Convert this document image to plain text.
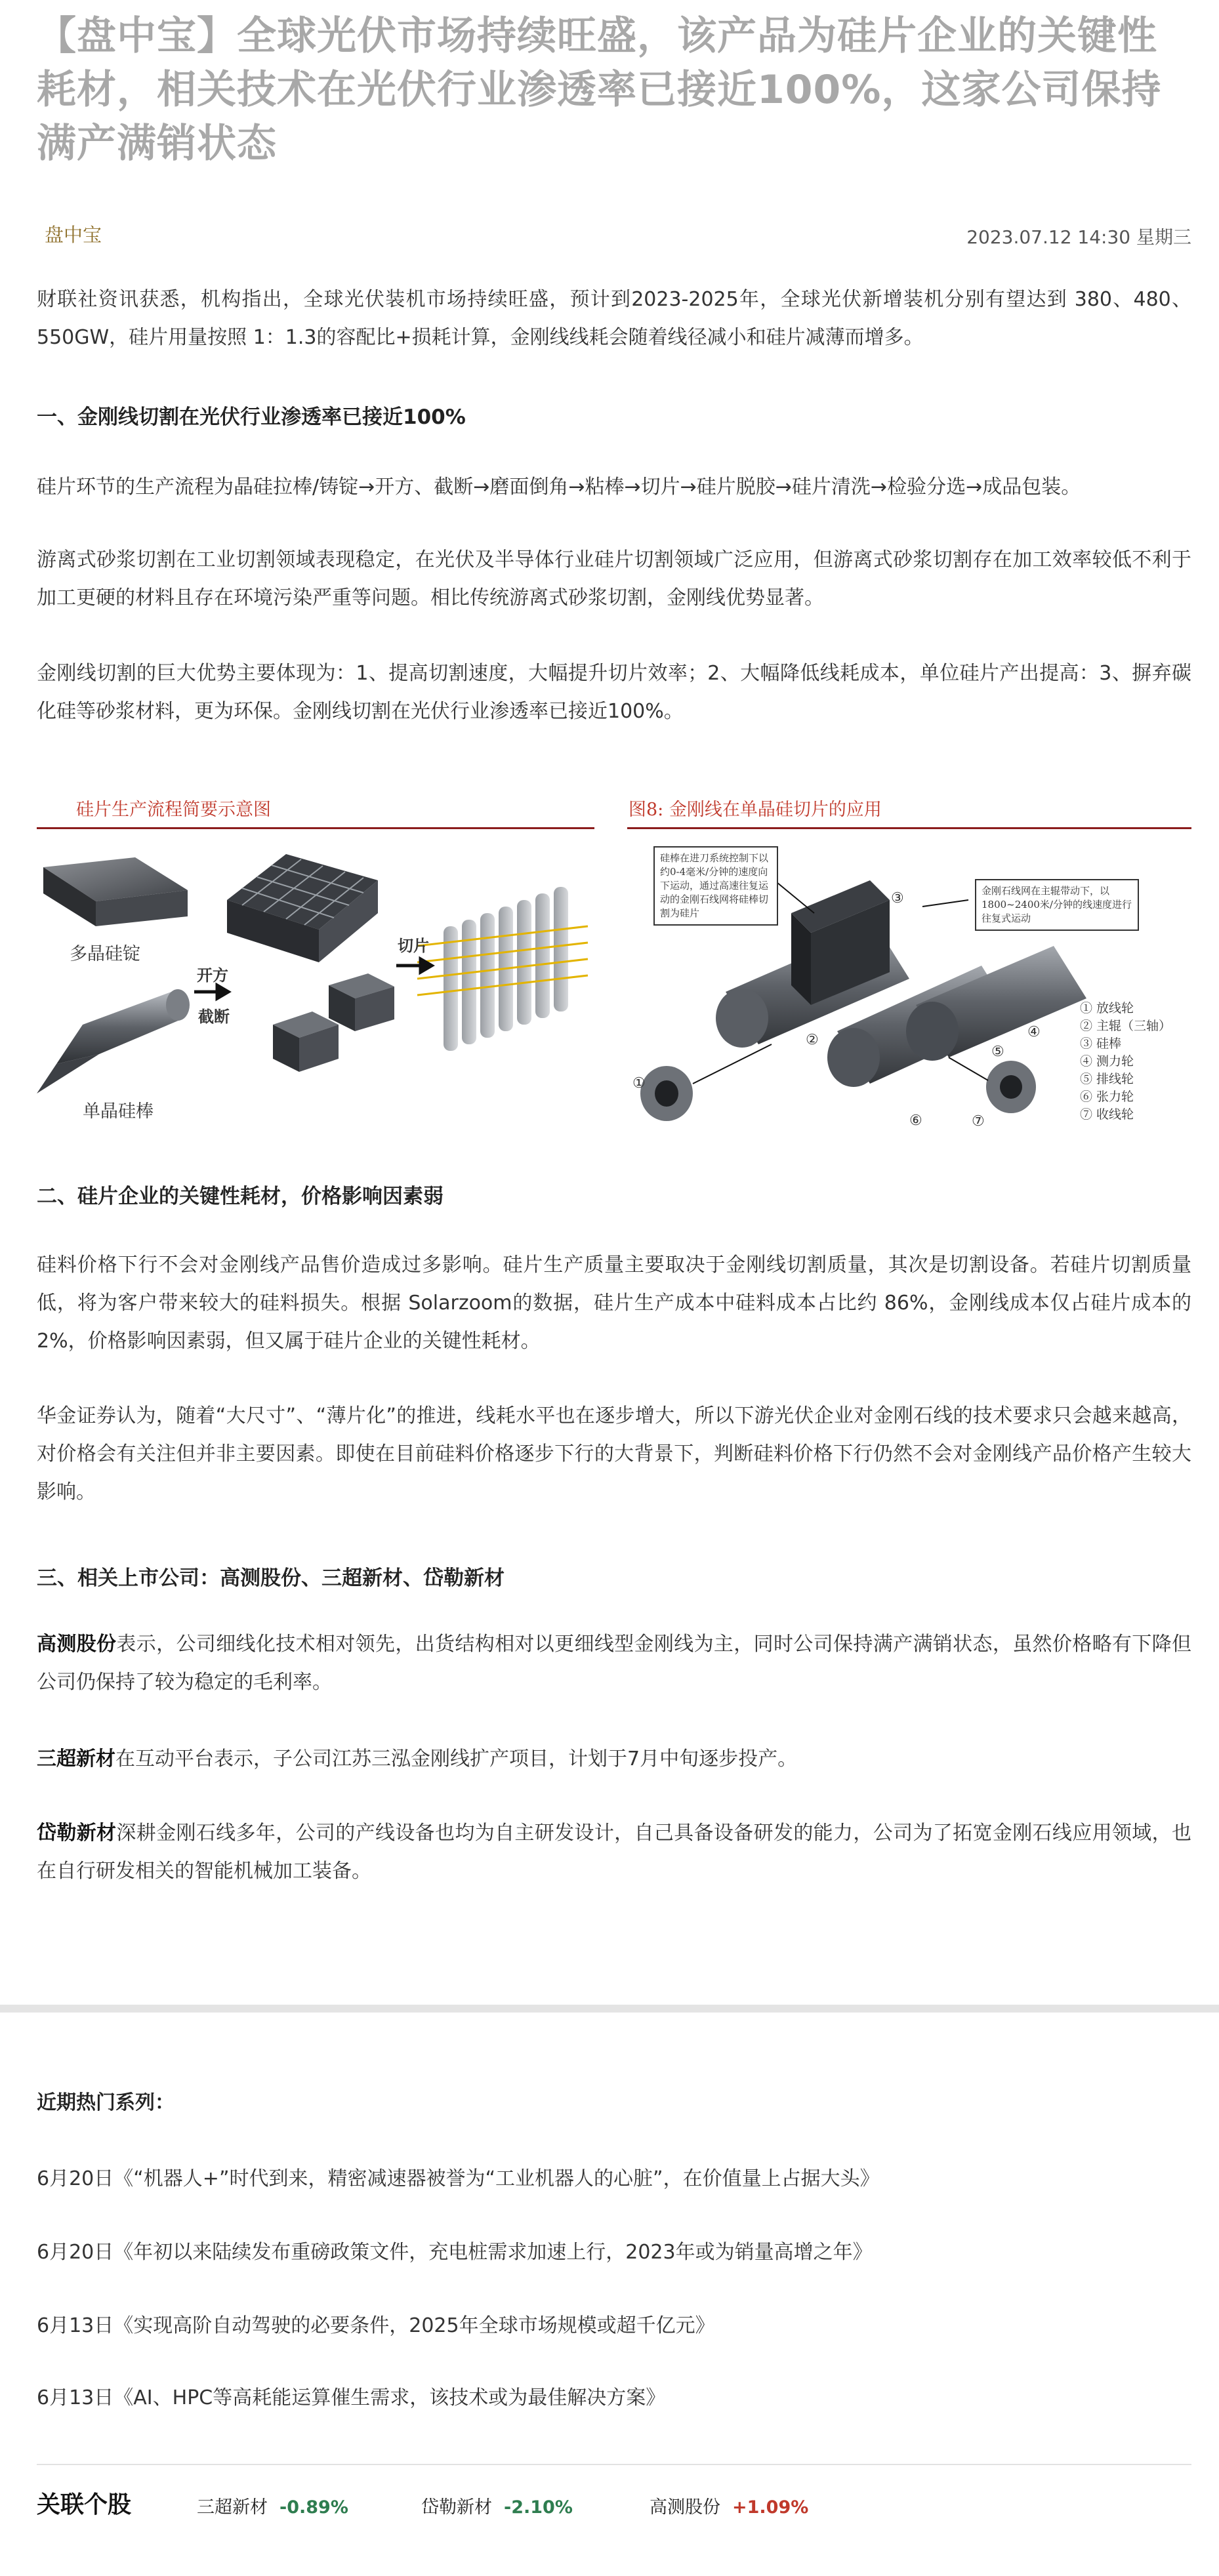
【盘中宝】全球光伏市场持续旺盛，该产品为硅片企业的关键性耗材，相关技术在光伏行业渗透率已接近100%，这家公司保持满产满销状态
盘中宝	2023.07.12 14:30 星期三

财联社资讯获悉，机构指出，全球光伏装机市场持续旺盛，预计到2023-2025年，全球光伏新增装机分别有望达到 380、480、550GW，硅片用量按照 1：1.3的容配比+损耗计算，金刚线线耗会随着线径减小和硅片减薄而增多。

一、金刚线切割在光伏行业渗透率已接近100%

硅片环节的生产流程为晶硅拉棒/铸锭→开方、截断→磨面倒角→粘棒→切片→硅片脱胶→硅片清洗→检验分选→成品包装。

游离式砂浆切割在工业切割领域表现稳定，在光伏及半导体行业硅片切割领域广泛应用，但游离式砂浆切割存在加工效率较低不利于加工更硬的材料且存在环境污染严重等问题。相比传统游离式砂浆切割，金刚线优势显著。

金刚线切割的巨大优势主要体现为：1、提高切割速度，大幅提升切片效率；2、大幅降低线耗成本，单位硅片产出提高：3、摒弃碳化硅等砂浆材料，更为环保。金刚线切割在光伏行业渗透率已接近100%。

硅片生产流程简要示意图
多晶硅锭
单晶硅棒
开方
截断
切片
图8: 金刚线在单晶硅切片的应用
硅棒在进刀系统控制下以约0-4毫米/分钟的速度向下运动，通过高速往复运动的金刚石线网将硅棒切割为硅片
金刚石线网在主辊带动下，以1800~2400米/分钟的线速度进行往复式运动
① 放线轮
② 主辊（三轴）
③ 硅棒
④ 测力轮
⑤ 排线轮
⑥ 张力轮
⑦ 收线轮
①
②
③
④
⑤
⑥	⑦
二、硅片企业的关键性耗材，价格影响因素弱

硅料价格下行不会对金刚线产品售价造成过多影响。硅片生产质量主要取决于金刚线切割质量，其次是切割设备。若硅片切割质量低，将为客户带来较大的硅料损失。根据 Solarzoom的数据，硅片生产成本中硅料成本占比约 86%，金刚线成本仅占硅片成本的 2%，价格影响因素弱，但又属于硅片企业的关键性耗材。

华金证券认为，随着“大尺寸”、“薄片化”的推进，线耗水平也在逐步增大，所以下游光伏企业对金刚石线的技术要求只会越来越高，对价格会有关注但并非主要因素。即使在目前硅料价格逐步下行的大背景下，判断硅料价格下行仍然不会对金刚线产品价格产生较大影响。

三、相关上市公司：高测股份、三超新材、岱勒新材

高测股份表示，公司细线化技术相对领先，出货结构相对以更细线型金刚线为主，同时公司保持满产满销状态，虽然价格略有下降但公司仍保持了较为稳定的毛利率。

三超新材在互动平台表示，子公司江苏三泓金刚线扩产项目，计划于7月中旬逐步投产。

岱勒新材深耕金刚石线多年，公司的产线设备也均为自主研发设计，自己具备设备研发的能力，公司为了拓宽金刚石线应用领域，也在自行研发相关的智能机械加工装备。

近期热门系列：
6月20日《“机器人+”时代到来，精密减速器被誉为“工业机器人的心脏”，在价值量上占据大头》
6月20日《年初以来陆续发布重磅政策文件，充电桩需求加速上行，2023年或为销量高增之年》
6月13日《实现高阶自动驾驶的必要条件，2025年全球市场规模或超千亿元》
6月13日《AI、HPC等高耗能运算催生需求，该技术或为最佳解决方案》
关联个股	三超新材 -0.89%	岱勒新材 -2.10%	高测股份 +1.09%
